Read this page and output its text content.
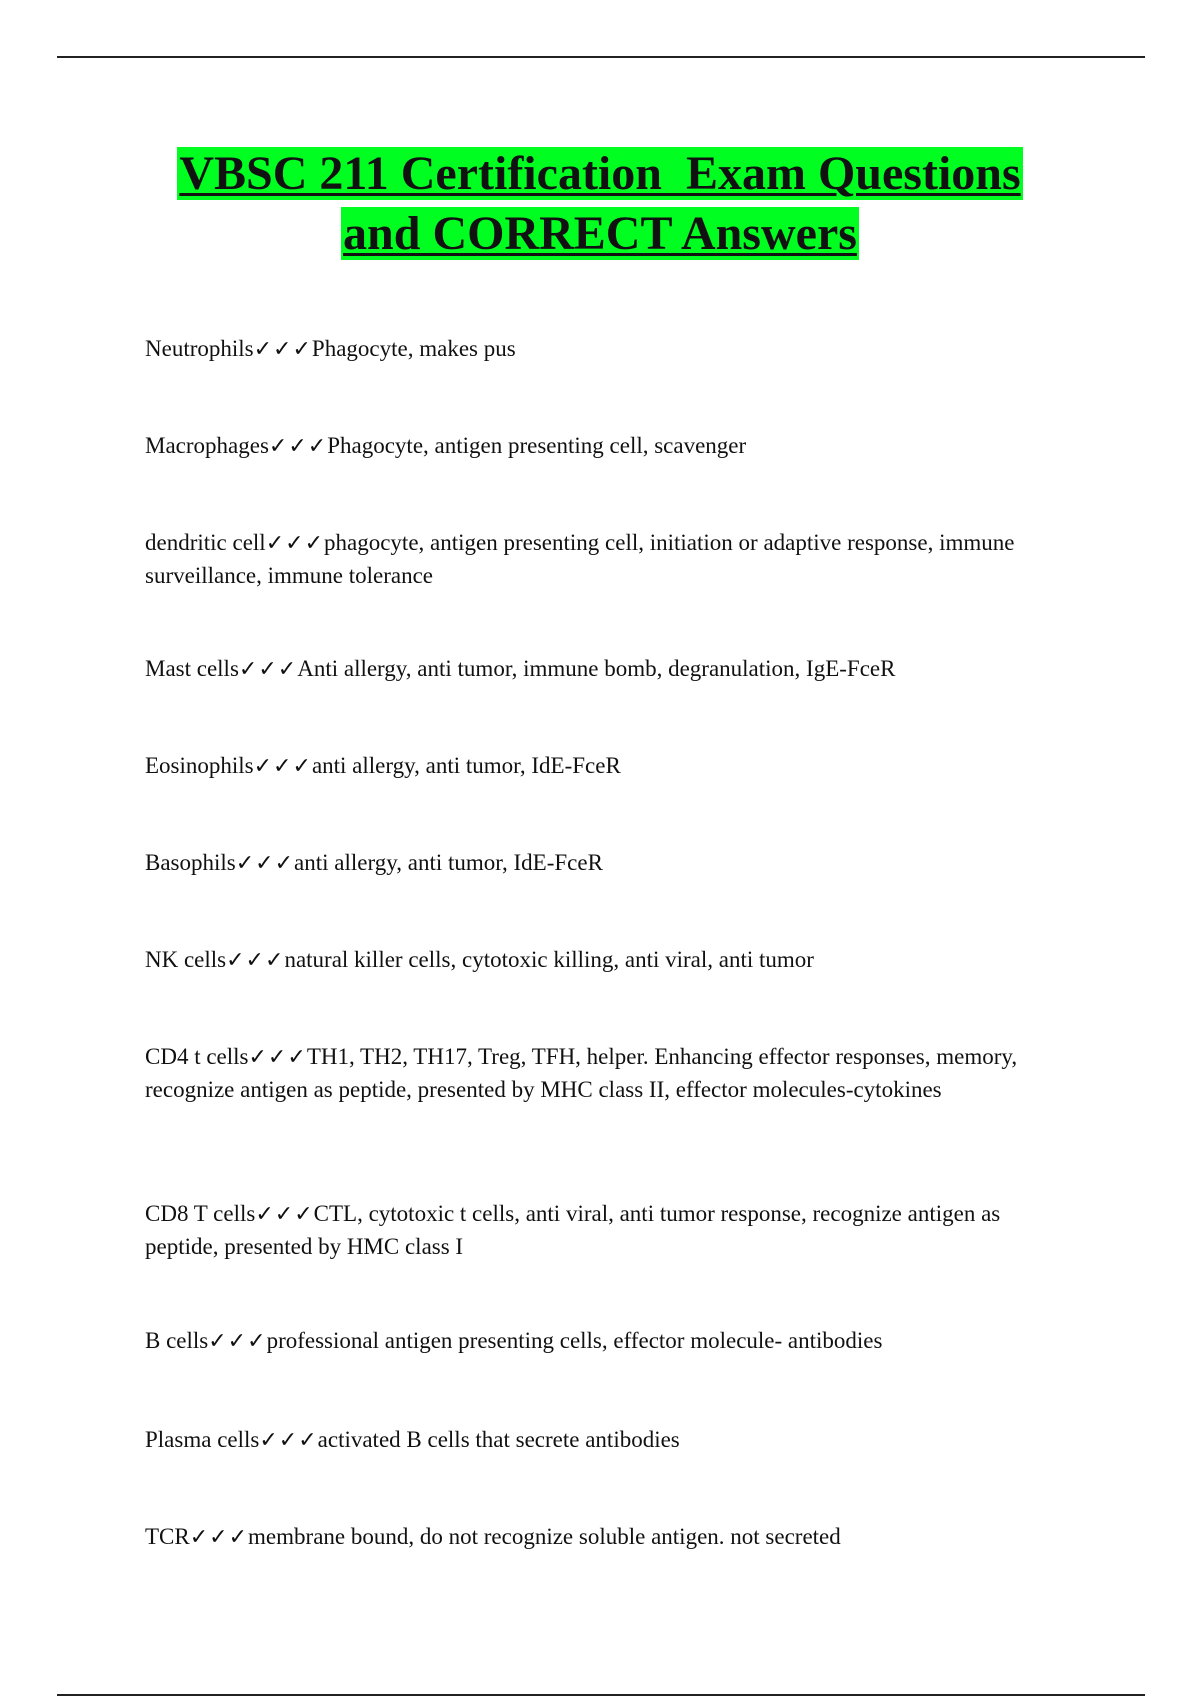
VBSC 211 Certification  Exam Questions
and CORRECT Answers

Neutrophils✓✓✓Phagocyte, makes pus

Macrophages✓✓✓Phagocyte, antigen presenting cell, scavenger

dendritic cell✓✓✓phagocyte, antigen presenting cell, initiation or adaptive response, immune surveillance, immune tolerance

Mast cells✓✓✓Anti allergy, anti tumor, immune bomb, degranulation, IgE-FceR

Eosinophils✓✓✓anti allergy, anti tumor, IdE-FceR

Basophils✓✓✓anti allergy, anti tumor, IdE-FceR

NK cells✓✓✓natural killer cells, cytotoxic killing, anti viral, anti tumor

CD4 t cells✓✓✓TH1, TH2, TH17, Treg, TFH, helper. Enhancing effector responses, memory, recognize antigen as peptide, presented by MHC class II, effector molecules-cytokines

CD8 T cells✓✓✓CTL, cytotoxic t cells, anti viral, anti tumor response, recognize antigen as peptide, presented by HMC class I

B cells✓✓✓professional antigen presenting cells, effector molecule- antibodies

Plasma cells✓✓✓activated B cells that secrete antibodies

TCR✓✓✓membrane bound, do not recognize soluble antigen. not secreted
